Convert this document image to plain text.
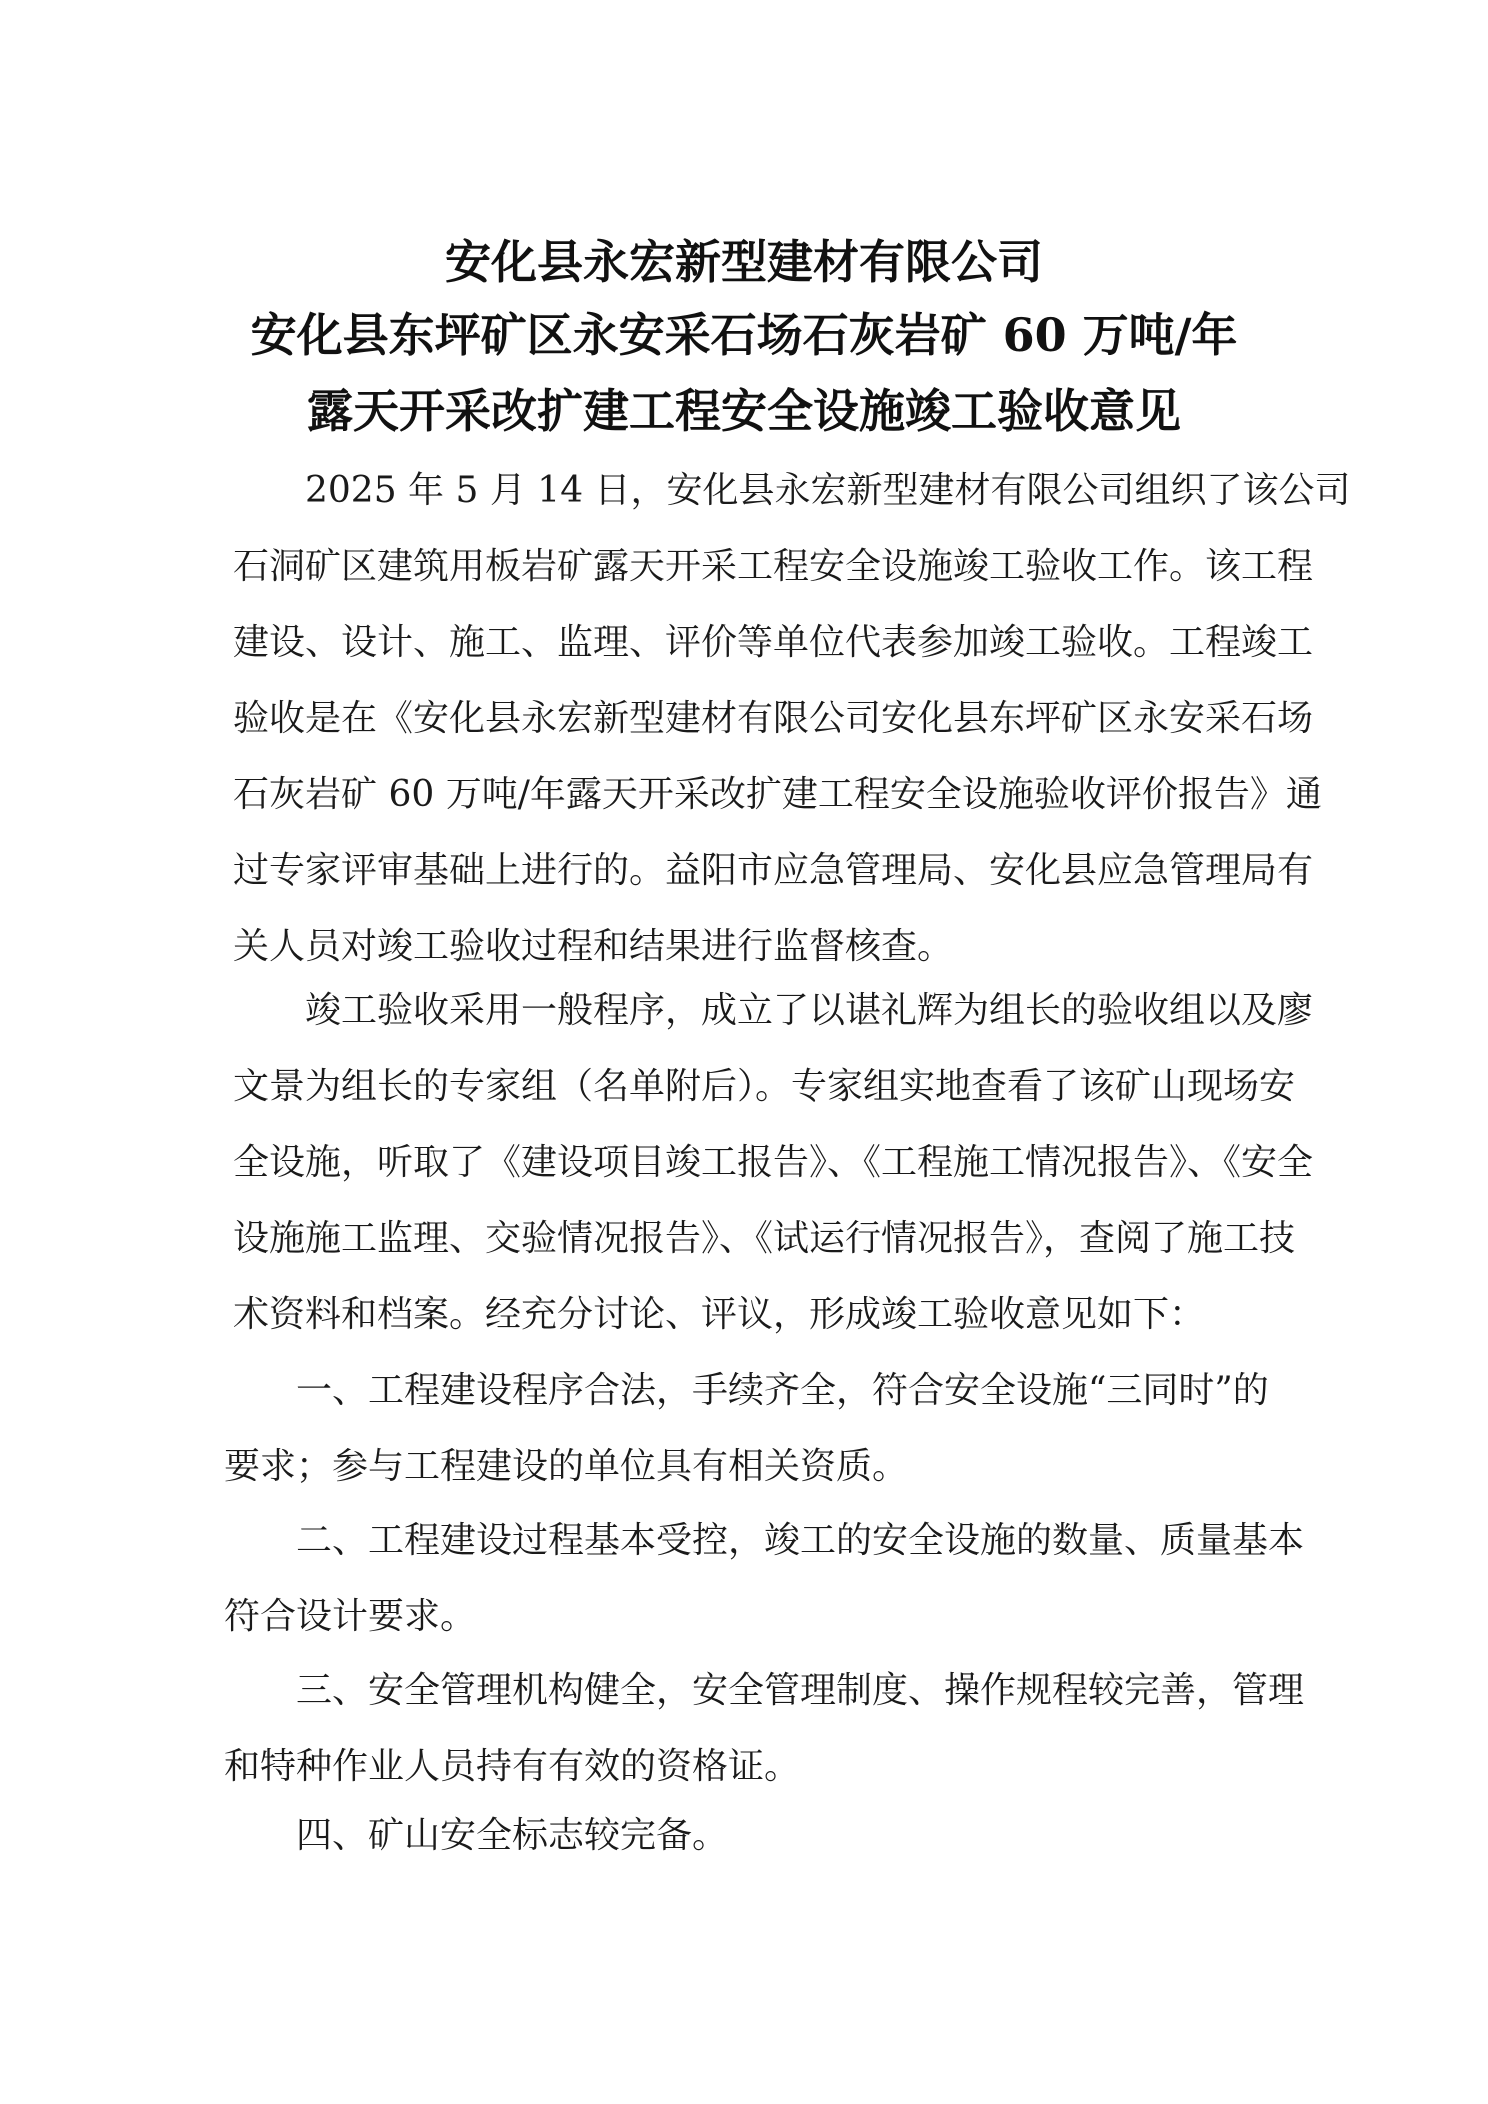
安化县永宏新型建材有限公司
安化县东坪矿区永安采石场石灰岩矿 60 万吨/年
露天开采改扩建工程安全设施竣工验收意见
2025 年 5 月 14 日，安化县永宏新型建材有限公司组织了该公司
石洞矿区建筑用板岩矿露天开采工程安全设施竣工验收工作。该工程
建设、设计、施工、监理、评价等单位代表参加竣工验收。工程竣工
验收是在《安化县永宏新型建材有限公司安化县东坪矿区永安采石场
石灰岩矿 60 万吨/年露天开采改扩建工程安全设施验收评价报告》通
过专家评审基础上进行的。益阳市应急管理局、安化县应急管理局有
关人员对竣工验收过程和结果进行监督核查。
竣工验收采用一般程序，成立了以谌礼辉为组长的验收组以及廖
文景为组长的专家组（名单附后）。专家组实地查看了该矿山现场安
全设施，听取了《建设项目竣工报告》、《工程施工情况报告》、《安全
设施施工监理、交验情况报告》、《试运行情况报告》，查阅了施工技
术资料和档案。经充分讨论、评议，形成竣工验收意见如下：
一、工程建设程序合法，手续齐全，符合安全设施“三同时”的
要求；参与工程建设的单位具有相关资质。
二、工程建设过程基本受控，竣工的安全设施的数量、质量基本
符合设计要求。
三、安全管理机构健全，安全管理制度、操作规程较完善，管理
和特种作业人员持有有效的资格证。
四、矿山安全标志较完备。
